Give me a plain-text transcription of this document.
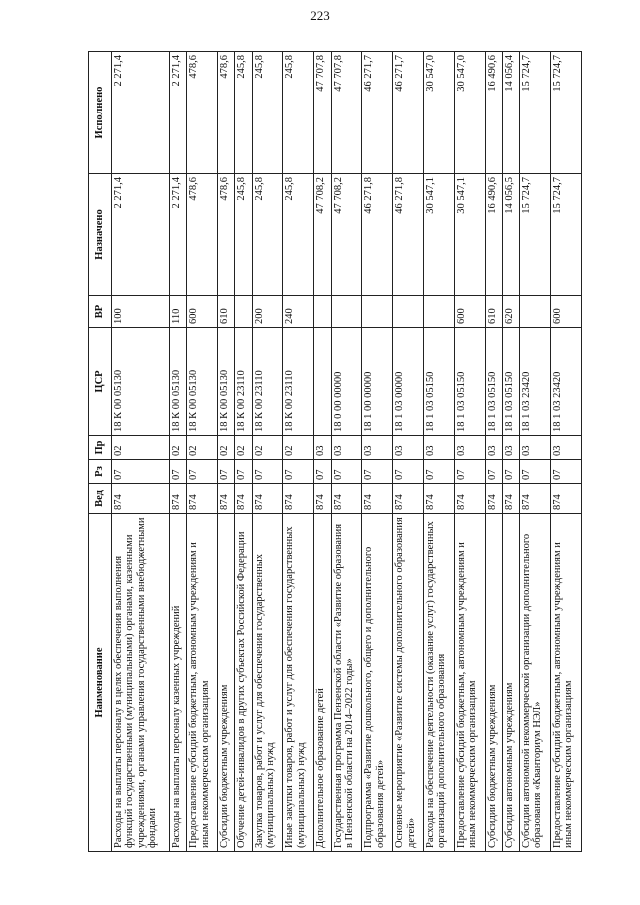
223
Наименование	Вед	Рз	Пр	ЦСР	ВР	Назначено	Исполнено
Расходы на выплаты персоналу в целях обеспечения выполнения функций государственными (муниципальными) органами, казенными учреждениями, органами управления государственными внебюджетными фондами	874	07	02	18 К 00 05130	100	2 271,4	2 271,4
Расходы на выплаты персоналу казенных учреждений	874	07	02	18 К 00 05130	110	2 271,4	2 271,4
Предоставление субсидий бюджетным, автономным учреждениям и иным некоммерческим организациям	874	07	02	18 К 00 05130	600	478,6	478,6
Субсидии бюджетным учреждениям	874	07	02	18 К 00 05130	610	478,6	478,6
Обучение детей-инвалидов в других субъектах Российской Федерации	874	07	02	18 К 00 23110		245,8	245,8
Закупка товаров, работ и услуг для обеспечения государственных (муниципальных) нужд	874	07	02	18 К 00 23110	200	245,8	245,8
Иные закупки товаров, работ и услуг для обеспечения государственных (муниципальных) нужд	874	07	02	18 К 00 23110	240	245,8	245,8
Дополнительное образование детей	874	07	03			47 708,2	47 707,8
Государственная программа Пензенской области «Развитие образования в Пензенской области на 2014–2022 годы»	874	07	03	18 0 00 00000		47 708,2	47 707,8
Подпрограмма «Развитие дошкольного, общего и дополнительного образования детей»	874	07	03	18 1 00 00000		46 271,8	46 271,7
Основное мероприятие «Развитие системы дополнительного образования детей»	874	07	03	18 1 03 00000		46 271,8	46 271,7
Расходы на обеспечение деятельности (оказание услуг) государственных организаций дополнительного образования	874	07	03	18 1 03 05150		30 547,1	30 547,0
Предоставление субсидий бюджетным, автономным учреждениям и иным некоммерческим организациям	874	07	03	18 1 03 05150	600	30 547,1	30 547,0
Субсидии бюджетным учреждениям	874	07	03	18 1 03 05150	610	16 490,6	16 490,6
Субсидии автономным учреждениям	874	07	03	18 1 03 05150	620	14 056,5	14 056,4
Субсидии автономной некоммерческой организации дополнительного образования «Кванториум НЭЛ»	874	07	03	18 1 03 23420		15 724,7	15 724,7
Предоставление субсидий бюджетным, автономным учреждениям и иным некоммерческим организациям	874	07	03	18 1 03 23420	600	15 724,7	15 724,7
